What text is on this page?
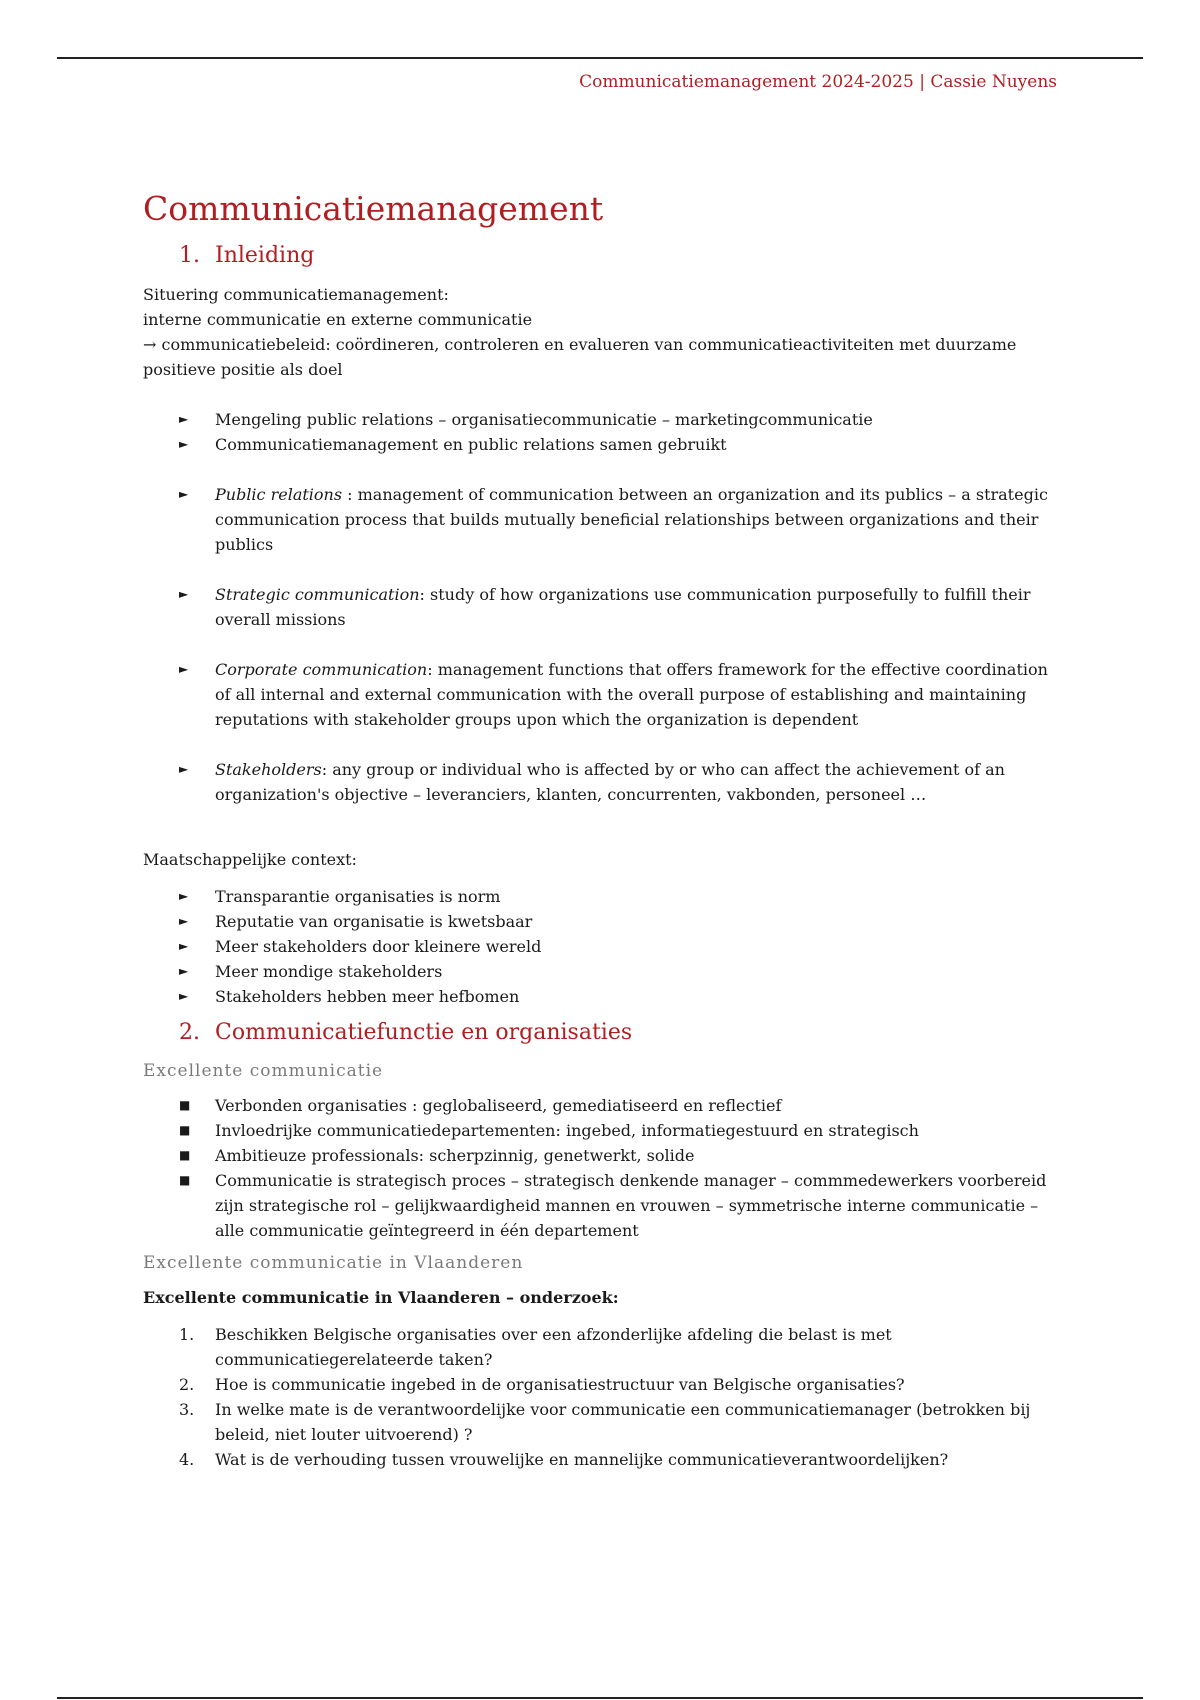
Communicatiemanagement 2024-2025 | Cassie Nuyens
Communicatiemanagement
1. Inleiding

Situering communicatiemanagement:

interne communicatie en externe communicatie

→ communicatiebeleid: coördineren, controleren en evalueren van communicatieactiviteiten met duurzame positieve positie als doel

►	Mengeling public relations – organisatiecommunicatie – marketingcommunicatie
►	Communicatiemanagement en public relations samen gebruikt
►	Public relations : management of communication between an organization and its publics – a strategic communication process that builds mutually beneficial relationships between organizations and their publics
►	Strategic communication: study of how organizations use communication purposefully to fulfill their overall missions
►	Corporate communication: management functions that offers framework for the effective coordination of all internal and external communication with the overall purpose of establishing and maintaining reputations with stakeholder groups upon which the organization is dependent
►	Stakeholders: any group or individual who is affected by or who can affect the achievement of an organization's objective – leveranciers, klanten, concurrenten, vakbonden, personeel …

Maatschappelijke context:

►	Transparantie organisaties is norm
►	Reputatie van organisatie is kwetsbaar
►	Meer stakeholders door kleinere wereld
►	Meer mondige stakeholders
►	Stakeholders hebben meer hefbomen
2. Communicatiefunctie en organisaties
Excellente communicatie
■	Verbonden organisaties : geglobaliseerd, gemediatiseerd en reflectief
■	Invloedrijke communicatiedepartementen: ingebed, informatiegestuurd en strategisch
■	Ambitieuze professionals: scherpzinnig, genetwerkt, solide
■	Communicatie is strategisch proces – strategisch denkende manager – commmedewerkers voorbereid zijn strategische rol – gelijkwaardigheid mannen en vrouwen – symmetrische interne communicatie – alle communicatie geïntegreerd in één departement
Excellente communicatie in Vlaanderen

Excellente communicatie in Vlaanderen – onderzoek:

1.	Beschikken Belgische organisaties over een afzonderlijke afdeling die belast is met communicatiegerelateerde taken?
2.	Hoe is communicatie ingebed in de organisatiestructuur van Belgische organisaties?
3.	In welke mate is de verantwoordelijke voor communicatie een communicatiemanager (betrokken bij beleid, niet louter uitvoerend) ?
4.	Wat is de verhouding tussen vrouwelijke en mannelijke communicatieverantwoordelijken?
